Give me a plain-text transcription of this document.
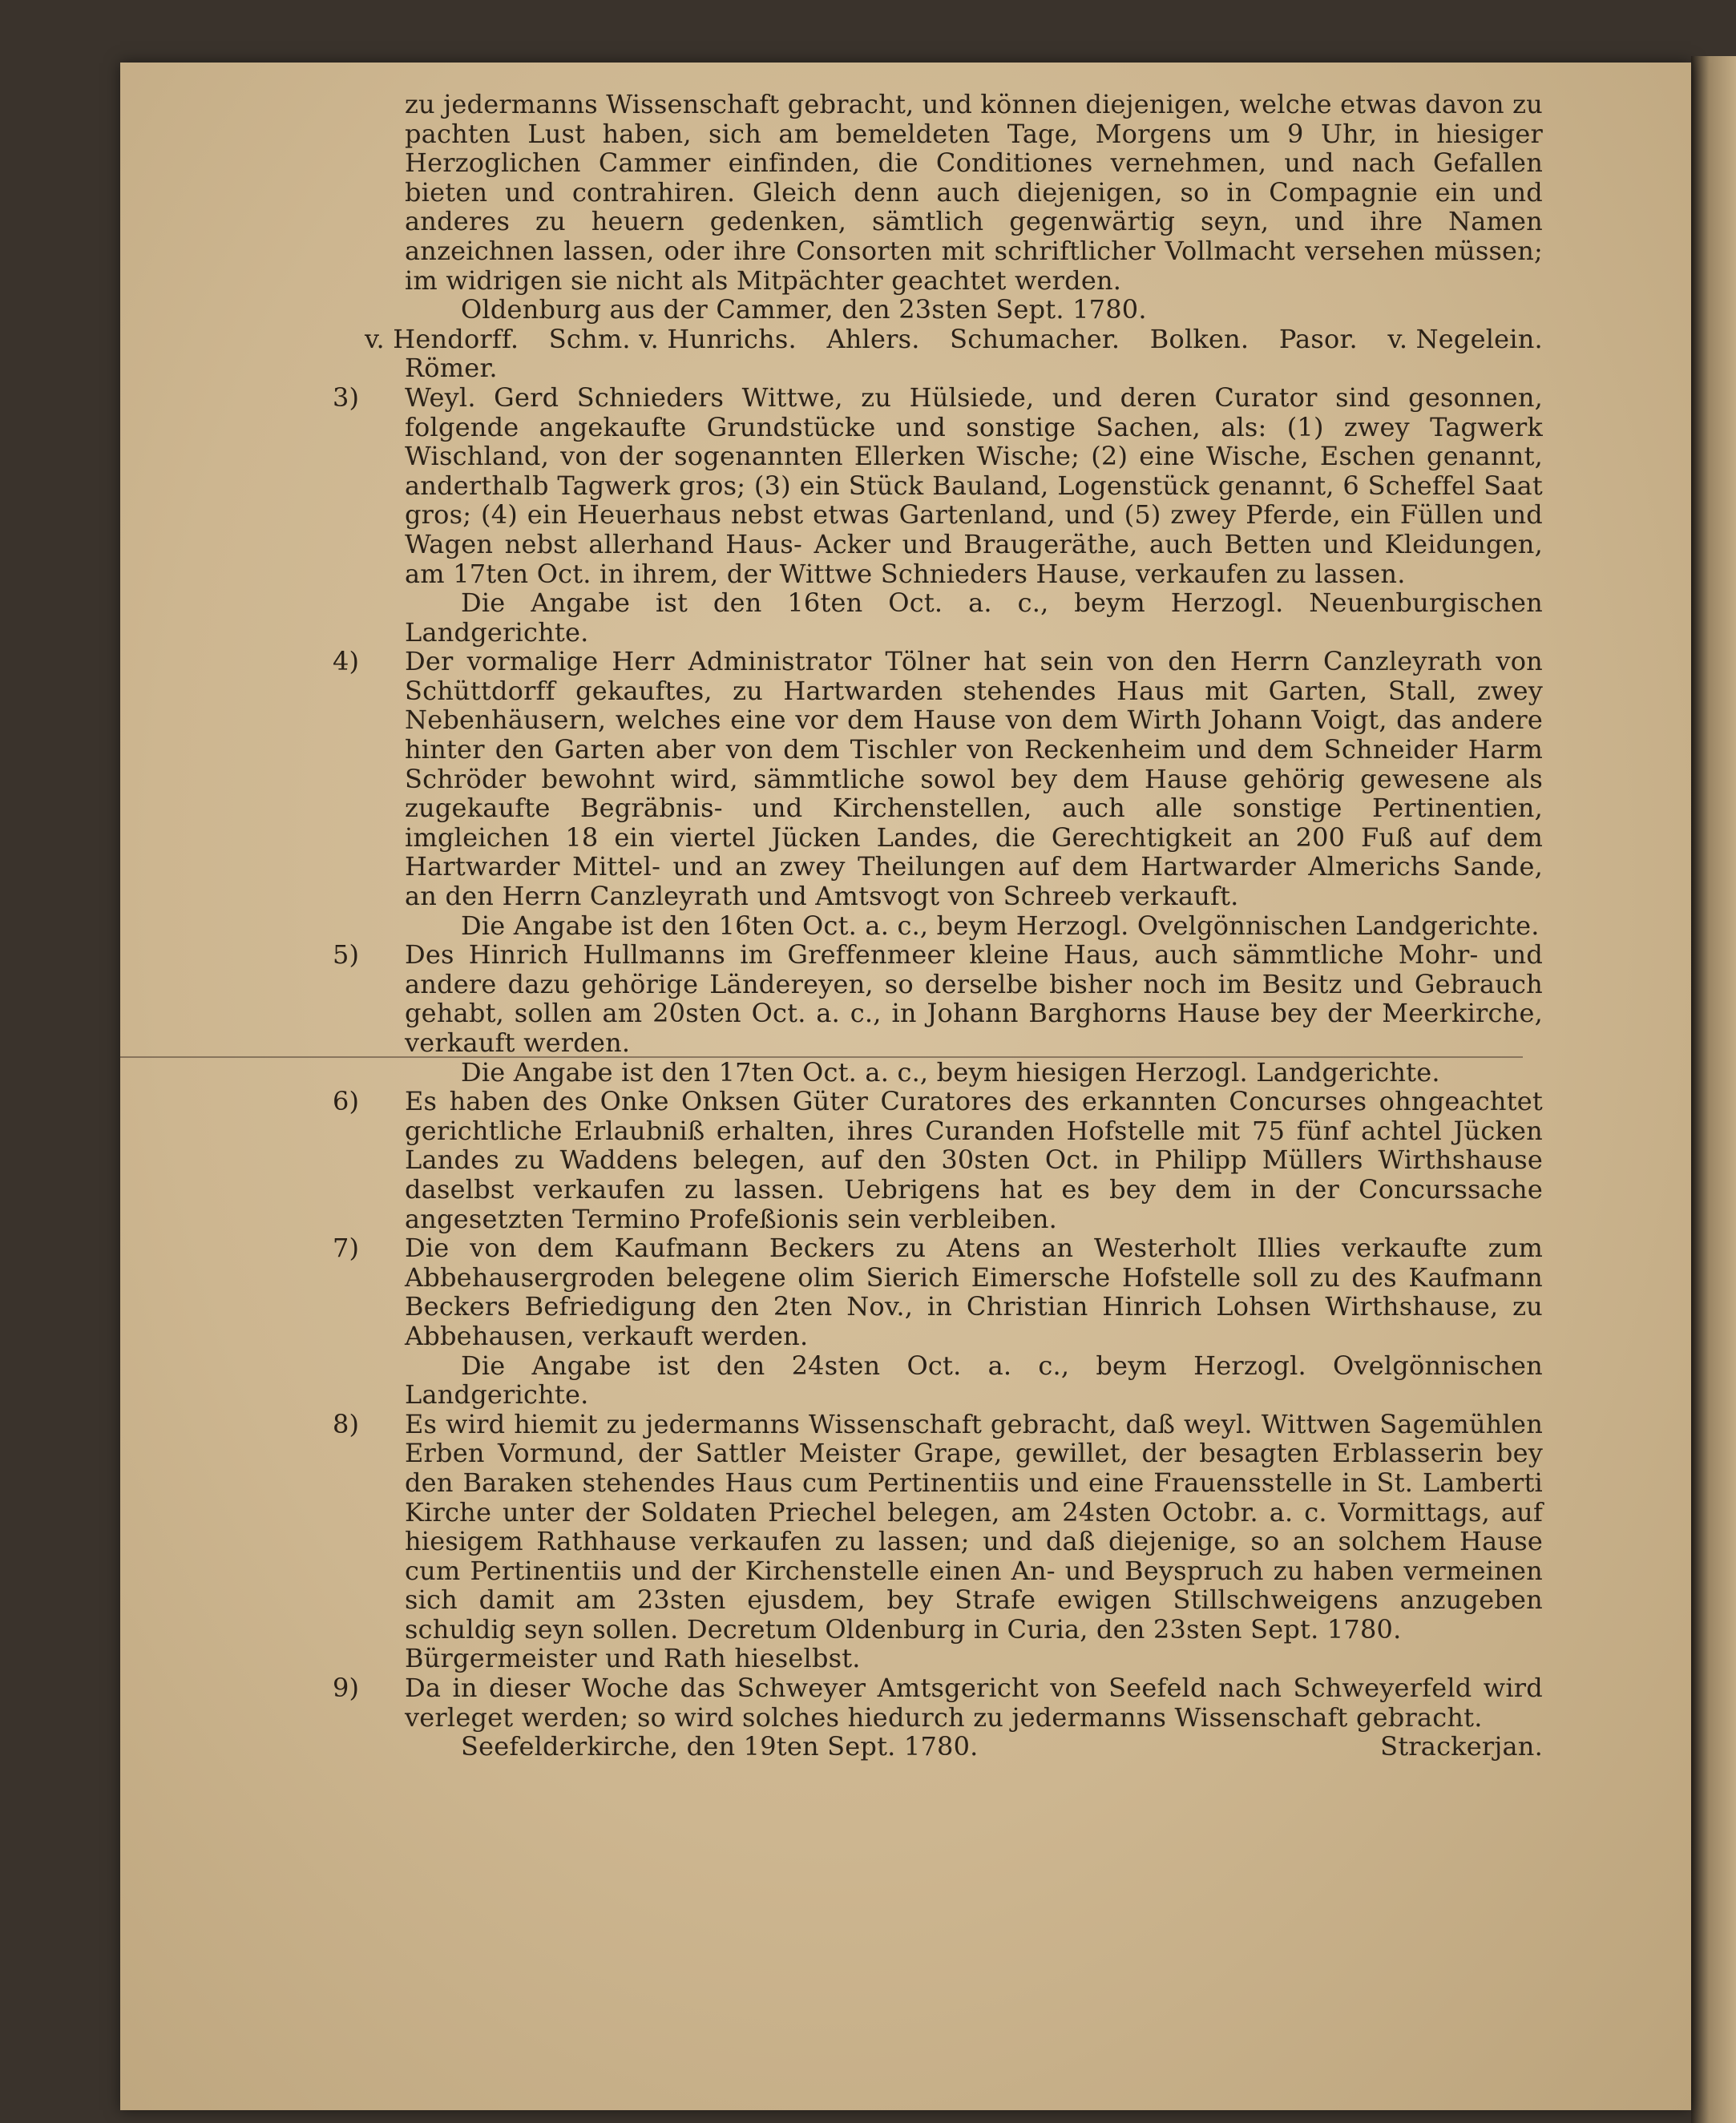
zu jedermanns Wissenschaft gebracht, und können diejenigen, welche etwas davon zu pachten Lust haben, sich am bemeldeten Tage, Morgens um 9 Uhr, in hiesiger Herzoglichen Cammer einfinden, die Conditiones vernehmen, und nach Gefallen bieten und contrahiren. Gleich denn auch diejenigen, so in Compagnie ein und anderes zu heuern gedenken, sämtlich gegenwärtig seyn, und ihre Namen anzeichnen lassen, oder ihre Consorten mit schriftlicher Vollmacht versehen müssen; im widrigen sie nicht als Mitpächter geachtet werden.

Oldenburg aus der Cammer, den 23sten Sept. 1780.

v. Hendorff. Schm. v. Hunrichs. Ahlers. Schumacher. Bolken. Pasor. v. Negelein.

Römer.

3) Weyl. Gerd Schnieders Wittwe, zu Hülsiede, und deren Curator sind gesonnen, folgende angekaufte Grundstücke und sonstige Sachen, als: (1) zwey Tagwerk Wischland, von der sogenannten Ellerken Wische; (2) eine Wische, Eschen genannt, anderthalb Tagwerk gros; (3) ein Stück Bauland, Logenstück genannt, 6 Scheffel Saat gros; (4) ein Heuerhaus nebst etwas Gartenland, und (5) zwey Pferde, ein Füllen und Wagen nebst allerhand Haus- Acker und Braugeräthe, auch Betten und Kleidungen, am 17ten Oct. in ihrem, der Wittwe Schnieders Hause, verkaufen zu lassen.

Die Angabe ist den 16ten Oct. a. c., beym Herzogl. Neuenburgischen Landgerichte.

4) Der vormalige Herr Administrator Tölner hat sein von den Herrn Canzleyrath von Schüttdorff gekauftes, zu Hartwarden stehendes Haus mit Garten, Stall, zwey Nebenhäusern, welches eine vor dem Hause von dem Wirth Johann Voigt, das andere hinter den Garten aber von dem Tischler von Reckenheim und dem Schneider Harm Schröder bewohnt wird, sämmtliche sowol bey dem Hause gehörig gewesene als zugekaufte Begräbnis- und Kirchenstellen, auch alle sonstige Pertinentien, imgleichen 18 ein viertel Jücken Landes, die Gerechtigkeit an 200 Fuß auf dem Hartwarder Mittel- und an zwey Theilungen auf dem Hartwarder Almerichs Sande, an den Herrn Canzleyrath und Amtsvogt von Schreeb verkauft.

Die Angabe ist den 16ten Oct. a. c., beym Herzogl. Ovelgönnischen Landgerichte.

5) Des Hinrich Hullmanns im Greffenmeer kleine Haus, auch sämmtliche Mohr- und andere dazu gehörige Ländereyen, so derselbe bisher noch im Besitz und Gebrauch gehabt, sollen am 20sten Oct. a. c., in Johann Barghorns Hause bey der Meerkirche, verkauft werden.

Die Angabe ist den 17ten Oct. a. c., beym hiesigen Herzogl. Landgerichte.

6) Es haben des Onke Onksen Güter Curatores des erkannten Concurses ohngeachtet gerichtliche Erlaubniß erhalten, ihres Curanden Hofstelle mit 75 fünf achtel Jücken Landes zu Waddens belegen, auf den 30sten Oct. in Philipp Müllers Wirthshause daselbst verkaufen zu lassen. Uebrigens hat es bey dem in der Concurssache angesetzten Termino Profeßionis sein verbleiben.

7) Die von dem Kaufmann Beckers zu Atens an Westerholt Illies verkaufte zum Abbehausergroden belegene olim Sierich Eimersche Hofstelle soll zu des Kaufmann Beckers Befriedigung den 2ten Nov., in Christian Hinrich Lohsen Wirthshause, zu Abbehausen, verkauft werden.

Die Angabe ist den 24sten Oct. a. c., beym Herzogl. Ovelgönnischen Landgerichte.

8) Es wird hiemit zu jedermanns Wissenschaft gebracht, daß weyl. Wittwen Sagemühlen Erben Vormund, der Sattler Meister Grape, gewillet, der besagten Erblasserin bey den Baraken stehendes Haus cum Pertinentiis und eine Frauensstelle in St. Lamberti Kirche unter der Soldaten Priechel belegen, am 24sten Octobr. a. c. Vormittags, auf hiesigem Rathhause verkaufen zu lassen; und daß diejenige, so an solchem Hause cum Pertinentiis und der Kirchenstelle einen An- und Beyspruch zu haben vermeinen sich damit am 23sten ejusdem, bey Strafe ewigen Stillschweigens anzugeben schuldig seyn sollen. Decretum Oldenburg in Curia, den 23sten Sept. 1780.

Bürgermeister und Rath hieselbst.

9) Da in dieser Woche das Schweyer Amtsgericht von Seefeld nach Schweyerfeld wird verleget werden; so wird solches hiedurch zu jedermanns Wissenschaft gebracht.

Seefelderkirche, den 19ten Sept. 1780.	Strackerjan.
